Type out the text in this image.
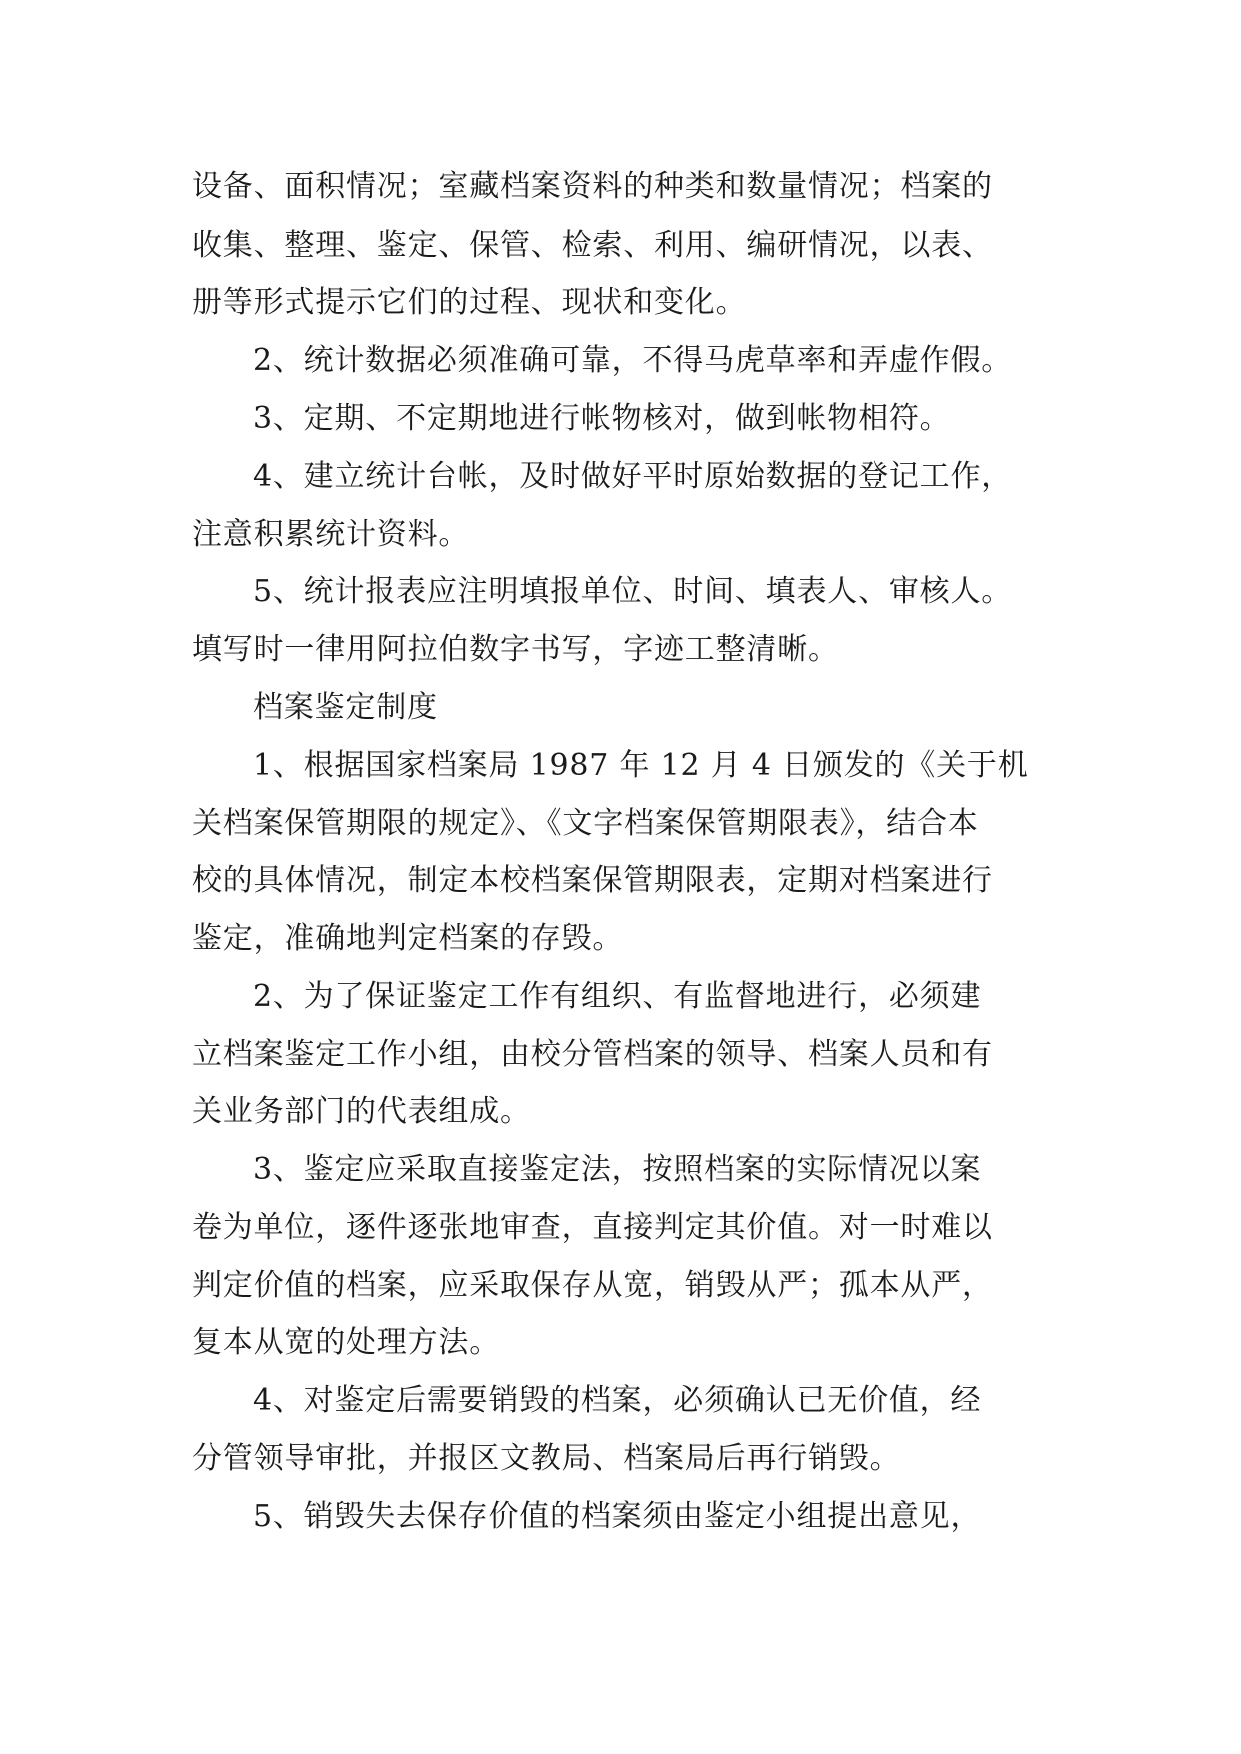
设备、面积情况；室藏档案资料的种类和数量情况；档案的

收集、整理、鉴定、保管、检索、利用、编研情况，以表、

册等形式提示它们的过程、现状和变化。

2、统计数据必须准确可靠，不得马虎草率和弄虚作假。

3、定期、不定期地进行帐物核对，做到帐物相符。

4、建立统计台帐，及时做好平时原始数据的登记工作，

注意积累统计资料。

5、统计报表应注明填报单位、时间、填表人、审核人。

填写时一律用阿拉伯数字书写，字迹工整清晰。

档案鉴定制度

1、根据国家档案局 1987 年 12 月 4 日颁发的《关于机

关档案保管期限的规定》、《文字档案保管期限表》，结合本

校的具体情况，制定本校档案保管期限表，定期对档案进行

鉴定，准确地判定档案的存毁。

2、为了保证鉴定工作有组织、有监督地进行，必须建

立档案鉴定工作小组，由校分管档案的领导、档案人员和有

关业务部门的代表组成。

3、鉴定应采取直接鉴定法，按照档案的实际情况以案

卷为单位，逐件逐张地审查，直接判定其价值。对一时难以

判定价值的档案，应采取保存从宽，销毁从严；孤本从严，

复本从宽的处理方法。

4、对鉴定后需要销毁的档案，必须确认已无价值，经

分管领导审批，并报区文教局、档案局后再行销毁。

5、销毁失去保存价值的档案须由鉴定小组提出意见，
